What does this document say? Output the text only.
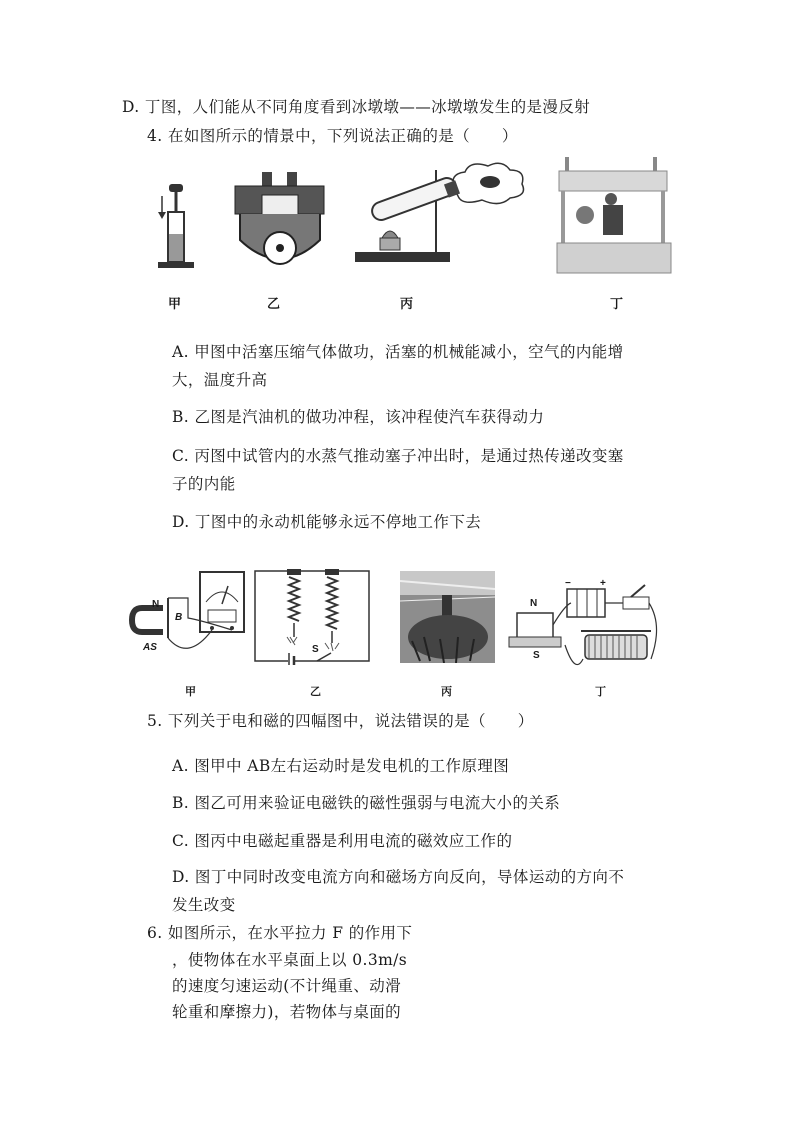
D. 丁图，人们能从不同角度看到冰墩墩——冰墩墩发生的是漫反射
4. 在如图所示的情景中，下列说法正确的是（　　）
甲	乙	丙	丁
A. 甲图中活塞压缩气体做功，活塞的机械能减小，空气的内能增
大，温度升高
B. 乙图是汽油机的做功冲程，该冲程使汽车获得动力
C. 丙图中试管内的水蒸气推动塞子冲出时，是通过热传递改变塞
子的内能
D. 丁图中的永动机能够永远不停地工作下去
N
B
AS	S
−	+
N
S
甲	乙	丙	丁
5. 下列关于电和磁的四幅图中，说法错误的是（　　）
A. 图甲中 AB左右运动时是发电机的工作原理图
B. 图乙可用来验证电磁铁的磁性强弱与电流大小的关系
C. 图丙中电磁起重器是利用电流的磁效应工作的
D. 图丁中同时改变电流方向和磁场方向反向，导体运动的方向不
发生改变
6. 如图所示，在水平拉力 F 的作用下
，使物体在水平桌面上以 0.3m/s
的速度匀速运动(不计绳重、动滑
轮重和摩擦力)，若物体与桌面的
